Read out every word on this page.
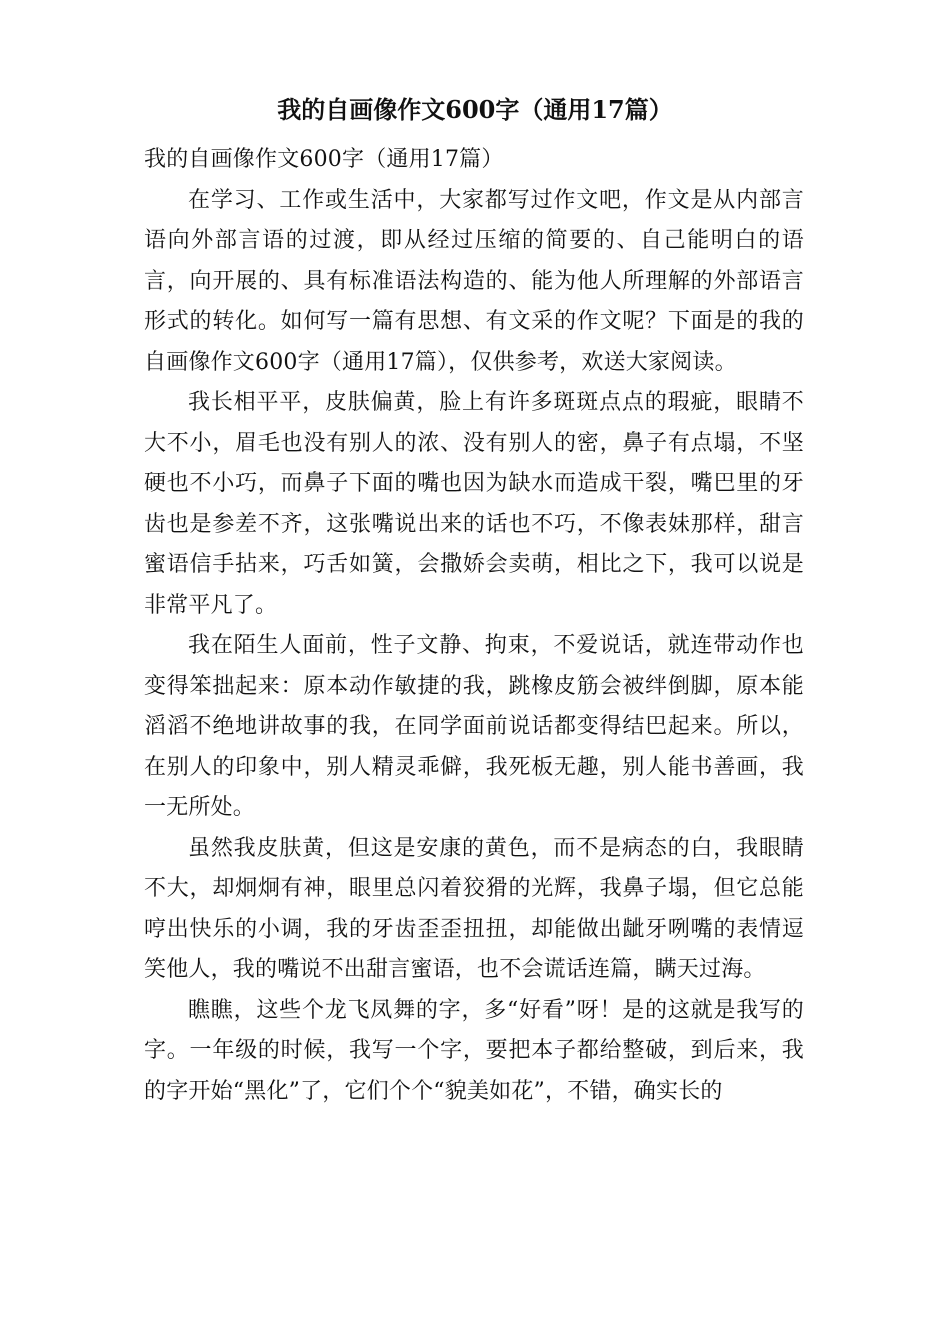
我的自画像作文600字（通用17篇）

我的自画像作文600字（通用17篇）

在学习、工作或生活中，大家都写过作文吧，作文是从内部言语向外部言语的过渡，即从经过压缩的简要的、自己能明白的语言，向开展的、具有标准语法构造的、能为他人所理解的外部语言形式的转化。如何写一篇有思想、有文采的作文呢？下面是的我的自画像作文600字（通用17篇），仅供参考，欢送大家阅读。

我长相平平，皮肤偏黄，脸上有许多斑斑点点的瑕疵，眼睛不大不小，眉毛也没有别人的浓、没有别人的密，鼻子有点塌，不坚硬也不小巧，而鼻子下面的嘴也因为缺水而造成干裂，嘴巴里的牙齿也是参差不齐，这张嘴说出来的话也不巧，不像表妹那样，甜言蜜语信手拈来，巧舌如簧，会撒娇会卖萌，相比之下，我可以说是非常平凡了。

我在陌生人面前，性子文静、拘束，不爱说话，就连带动作也变得笨拙起来：原本动作敏捷的我，跳橡皮筋会被绊倒脚，原本能滔滔不绝地讲故事的我，在同学面前说话都变得结巴起来。所以，在别人的印象中，别人精灵乖僻，我死板无趣，别人能书善画，我一无所处。

虽然我皮肤黄，但这是安康的黄色，而不是病态的白，我眼睛不大，却炯炯有神，眼里总闪着狡猾的光辉，我鼻子塌，但它总能哼出快乐的小调，我的牙齿歪歪扭扭，却能做出龇牙咧嘴的表情逗笑他人，我的嘴说不出甜言蜜语，也不会谎话连篇，瞒天过海。

瞧瞧，这些个龙飞凤舞的字，多“好看”呀！是的这就是我写的字。一年级的时候，我写一个字，要把本子都给整破，到后来，我的字开始“黑化”了，它们个个“貌美如花”，不错，确实长的
